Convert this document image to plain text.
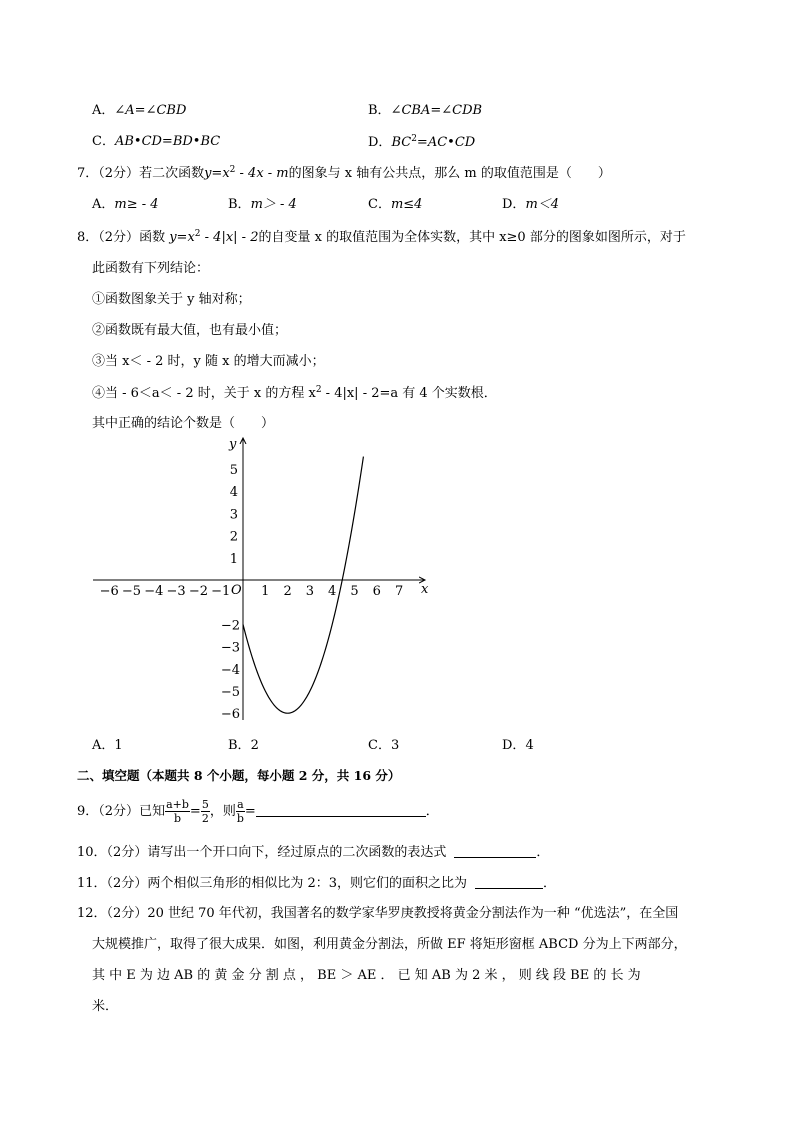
A．∠A=∠CBD	B．∠CBA=∠CDB
C．AB•CD=BD•BC	D．$BC^2=AC•CD$
7．（2分）若二次函数$y=x^2 - 4x - m$的图象与 x 轴有公共点，那么 m 的取值范围是（　　）
A．m≥ - 4	B．m＞ - 4	C．m≤4	D．m＜4
8．（2分）函数 $y=x^2 - 4|x| - 2$的自变量 x 的取值范围为全体实数，其中 x≥0 部分的图象如图所示，对于
此函数有下列结论：
①函数图象关于 y 轴对称；
②函数既有最大值，也有最小值；
③当 x＜ - 2 时，y 随 x 的增大而减小；
④当 - 6＜a＜ - 2 时，关于 x 的方程 $x^2 - 4|x| - 2=a$ 有 4 个实数根．
其中正确的结论个数是（　　）
y
x
O
−6 −5 −4 −3 −2 −1 1 2 3 4 5 6 7
5
4
3
2
1
−2
−3
−4
−5
−6
A．1	B．2	C．3	D．4
二、填空题（本题共 8 个小题，每小题 2 分，共 16 分）
9．（2分）已知 $\frac{a+b}{b} = \frac{5}{2}$ ，则 $\frac{a}{b}$ =	．
10．（2分）请写出一个开口向下，经过原点的二次函数的表达式	．
11．（2分）两个相似三角形的相似比为 2：3，则它们的面积之比为	．
12．（2分）20 世纪 70 年代初，我国著名的数学家华罗庚教授将黄金分割法作为一种 “优选法”，在全国
大规模推广，取得了很大成果．如图，利用黄金分割法，所做 EF 将矩形窗框 ABCD 分为上下两部分，
其 中 E 为 边 AB 的 黄 金 分 割 点 ， BE ＞ AE ． 已 知 AB 为 2 米 ， 则 线 段 BE 的 长 为
米．
